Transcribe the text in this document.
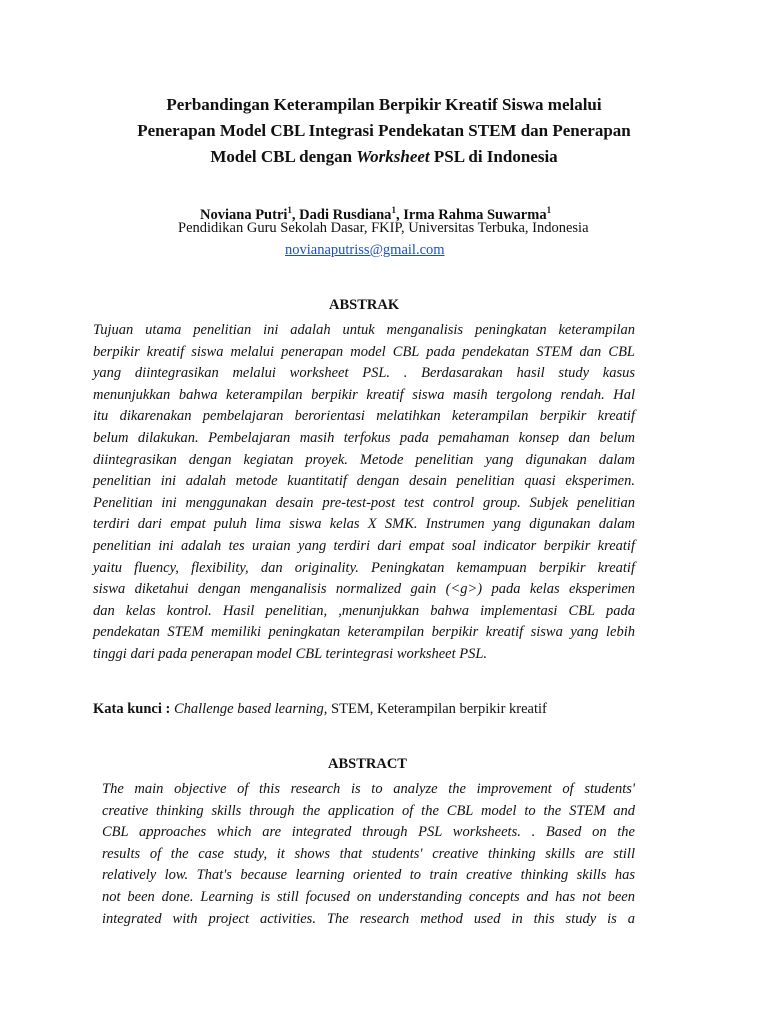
Perbandingan Keterampilan Berpikir Kreatif Siswa melalui
Penerapan Model CBL Integrasi Pendekatan STEM dan Penerapan
Model CBL dengan Worksheet PSL di Indonesia
Noviana Putri$^1$, Dadi Rusdiana$^1$, Irma Rahma Suwarma$^1$
Pendidikan Guru Sekolah Dasar, FKIP, Universitas Terbuka, Indonesia
novianaputriss@gmail.com
ABSTRAK

Tujuan utama penelitian ini adalah untuk menganalisis peningkatan keterampilan
berpikir kreatif siswa melalui penerapan model CBL pada pendekatan STEM dan CBL
yang diintegrasikan melalui worksheet PSL. . Berdasarakan hasil study kasus
menunjukkan bahwa keterampilan berpikir kreatif siswa masih tergolong rendah. Hal
itu dikarenakan pembelajaran berorientasi melatihkan keterampilan berpikir kreatif
belum dilakukan. Pembelajaran masih terfokus pada pemahaman konsep dan belum
diintegrasikan dengan kegiatan proyek. Metode penelitian yang digunakan dalam
penelitian ini adalah metode kuantitatif dengan desain penelitian quasi eksperimen.
Penelitian ini menggunakan desain pre-test-post test control group. Subjek penelitian
terdiri dari empat puluh lima siswa kelas X SMK. Instrumen yang digunakan dalam
penelitian ini adalah tes uraian yang terdiri dari empat soal indicator berpikir kreatif
yaitu fluency, flexibility, dan originality. Peningkatan kemampuan berpikir kreatif
siswa diketahui dengan menganalisis normalized gain (<g>) pada kelas eksperimen
dan kelas kontrol. Hasil penelitian, ,menunjukkan bahwa implementasi CBL pada
pendekatan STEM memiliki peningkatan keterampilan berpikir kreatif siswa yang lebih
tinggi dari pada penerapan model CBL terintegrasi worksheet PSL.

Kata kunci : Challenge based learning, STEM, Keterampilan berpikir kreatif
ABSTRACT

The main objective of this research is to analyze the improvement of students'
creative thinking skills through the application of the CBL model to the STEM and
CBL approaches which are integrated through PSL worksheets. . Based on the
results of the case study, it shows that students' creative thinking skills are still
relatively low. That's because learning oriented to train creative thinking skills has
not been done. Learning is still focused on understanding concepts and has not been
integrated with project activities. The research method used in this study is a
